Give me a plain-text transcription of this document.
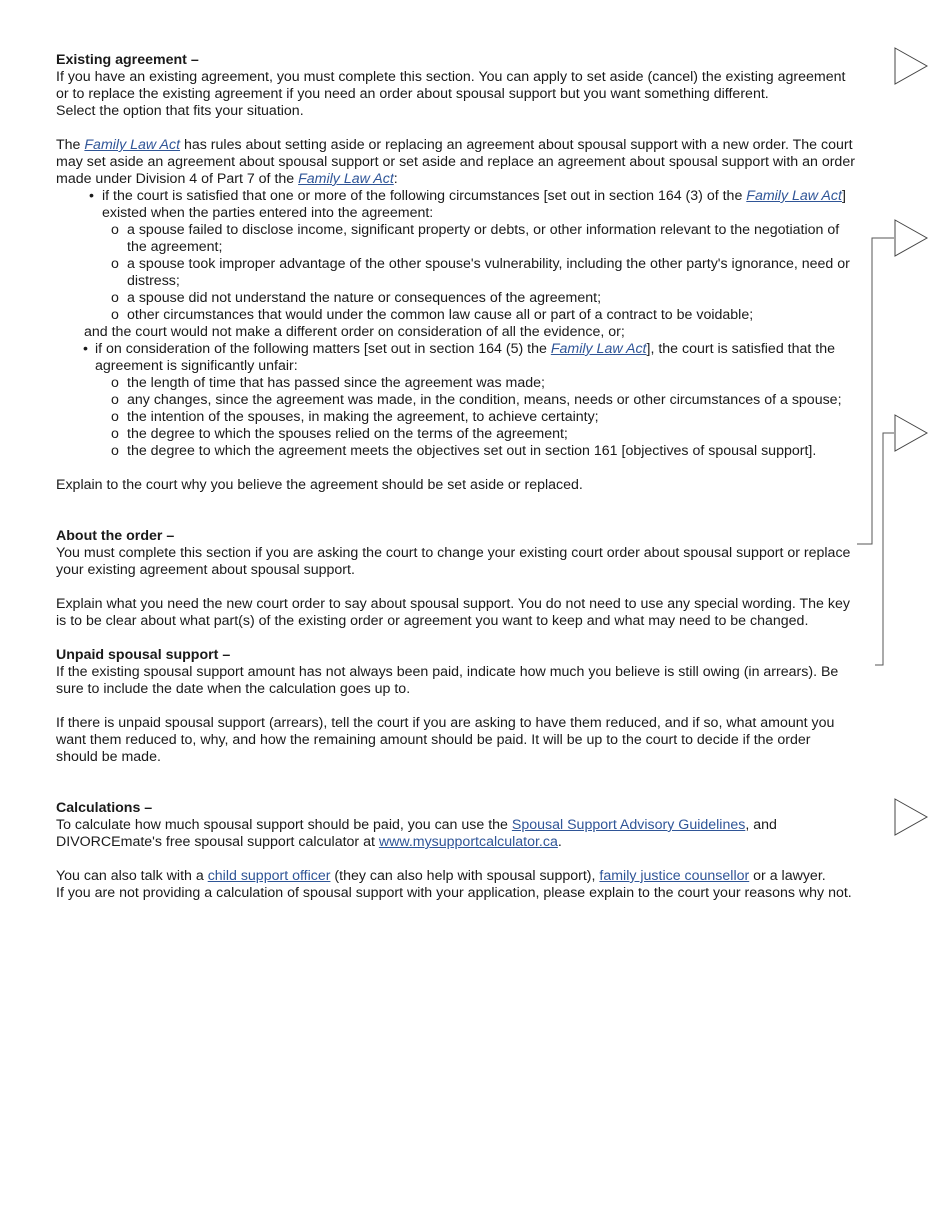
Existing agreement –

If you have an existing agreement, you must complete this section. You can apply to set aside (cancel) the existing agreement or to replace the existing agreement if you need an order about spousal support but you want something different.

Select the option that fits your situation.

The Family Law Act has rules about setting aside or replacing an agreement about spousal support with a new order. The court may set aside an agreement about spousal support or set aside and replace an agreement about spousal support with an order made under Division 4 of Part 7 of the Family Law Act:

• if the court is satisfied that one or more of the following circumstances [set out in section 164 (3) of the Family Law Act] existed when the parties entered into the agreement:
o a spouse failed to disclose income, significant property or debts, or other information relevant to the negotiation of the agreement;
o a spouse took improper advantage of the other spouse's vulnerability, including the other party's ignorance, need or distress;
o a spouse did not understand the nature or consequences of the agreement;
o other circumstances that would under the common law cause all or part of a contract to be voidable;

and the court would not make a different order on consideration of all the evidence, or;

• if on consideration of the following matters [set out in section 164 (5) the Family Law Act], the court is satisfied that the agreement is significantly unfair:
o the length of time that has passed since the agreement was made;
o any changes, since the agreement was made, in the condition, means, needs or other circumstances of a spouse;
o the intention of the spouses, in making the agreement, to achieve certainty;
o the degree to which the spouses relied on the terms of the agreement;
o the degree to which the agreement meets the objectives set out in section 161 [objectives of spousal support].

Explain to the court why you believe the agreement should be set aside or replaced.

About the order –

You must complete this section if you are asking the court to change your existing court order about spousal support or replace your existing agreement about spousal support.

Explain what you need the new court order to say about spousal support. You do not need to use any special wording. The key is to be clear about what part(s) of the existing order or agreement you want to keep and what may need to be changed.

Unpaid spousal support –

If the existing spousal support amount has not always been paid, indicate how much you believe is still owing (in arrears). Be sure to include the date when the calculation goes up to.

If there is unpaid spousal support (arrears), tell the court if you are asking to have them reduced, and if so, what amount you want them reduced to, why, and how the remaining amount should be paid. It will be up to the court to decide if the order should be made.

Calculations –

To calculate how much spousal support should be paid, you can use the Spousal Support Advisory Guidelines, and DIVORCEmate's free spousal support calculator at www.mysupportcalculator.ca.

You can also talk with a child support officer (they can also help with spousal support), family justice counsellor or a lawyer.

If you are not providing a calculation of spousal support with your application, please explain to the court your reasons why not.
